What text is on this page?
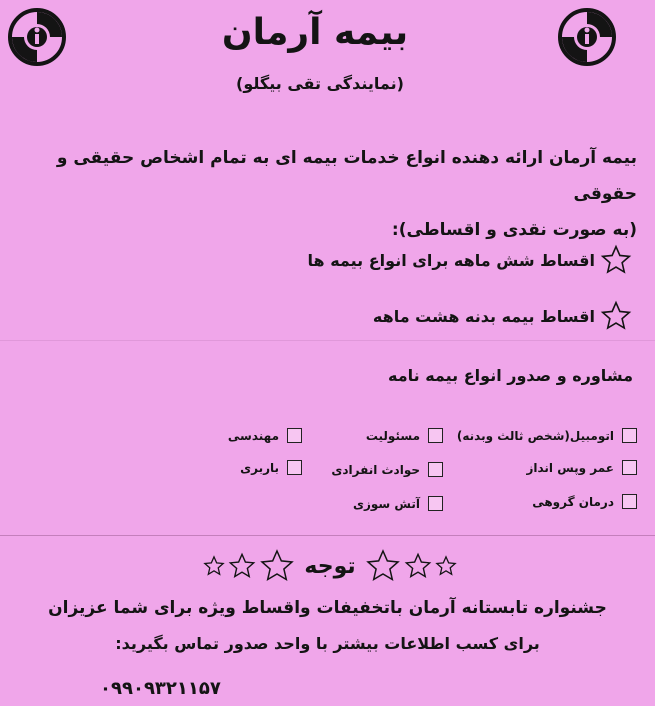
بیمه آرمان
(نمایندگی تقی بیگلو)
بیمه آرمان ارائه دهنده انواع خدمات بیمه ای به تمام اشخاص حقیقی و حقوقی
(به صورت نقدی و اقساطی):
اقساط شش ماهه برای انواع بیمه ها
اقساط بیمه بدنه هشت ماهه
مشاوره و صدور انواع بیمه نامه
اتومبیل(شخص ثالث وبدنه)
عمر وپس انداز
درمان گروهی
مسئولیت
حوادث انفرادی
آتش سوزی
مهندسی
باربری
توجه
جشنواره تابستانه آرمان باتخفیفات واقساط ویژه برای شما عزیزان
برای کسب اطلاعات بیشتر با واحد صدور تماس بگیرید:
۰۹۹۰۹۳۲۱۱۵۷
